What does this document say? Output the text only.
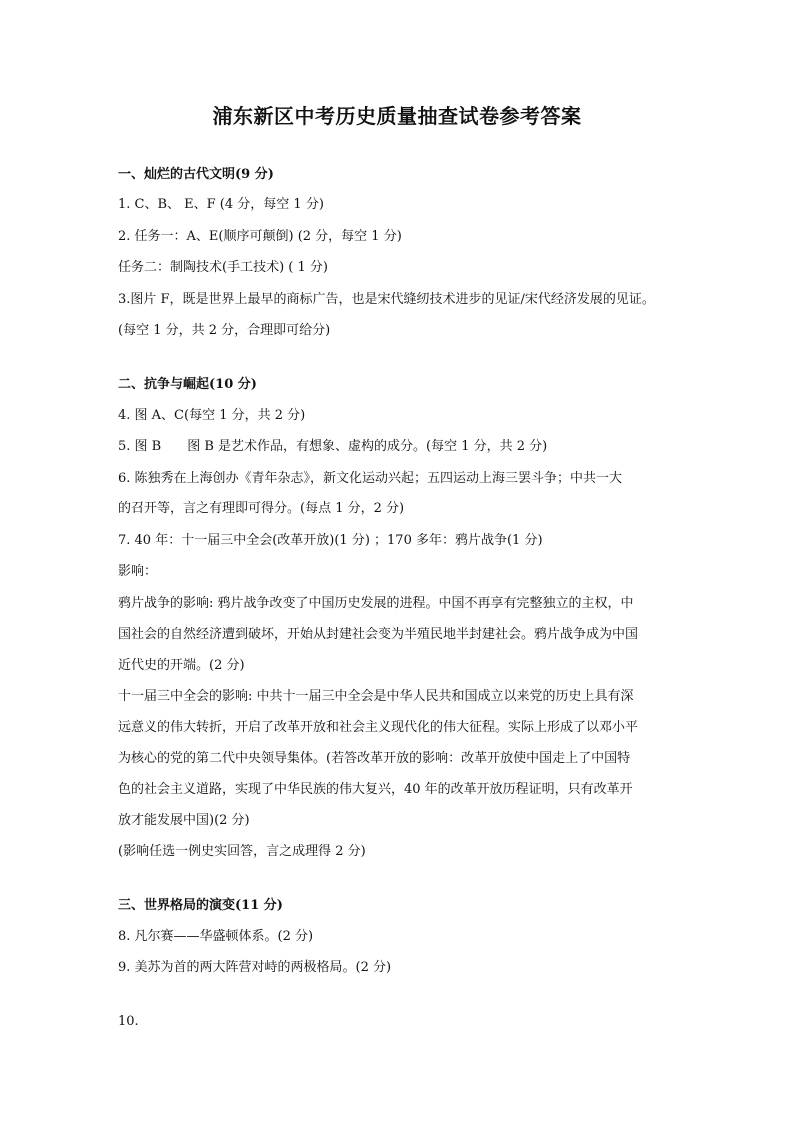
浦东新区中考历史质量抽查试卷参考答案
一、灿烂的古代文明(9 分)
1. C、B、 E、F (4 分，每空 1 分)
2. 任务一：A、E(顺序可颠倒) (2 分，每空 1 分)
任务二：制陶技术(手工技术) ( 1 分)
3.图片 F，既是世界上最早的商标广告，也是宋代缝纫技术进步的见证/宋代经济发展的见证。
(每空 1 分，共 2 分，合理即可给分)
二、抗争与崛起(10 分)
4. 图 A、C(每空 1 分，共 2 分)
5. 图 B　　图 B 是艺术作品，有想象、虚构的成分。(每空 1 分，共 2 分)
6. 陈独秀在上海创办《青年杂志》，新文化运动兴起；五四运动上海三罢斗争；中共一大
的召开等，言之有理即可得分。(每点 1 分，2 分)
7. 40 年：十一届三中全会(改革开放)(1 分) ；170 多年：鸦片战争(1 分)
影响：
鸦片战争的影响: 鸦片战争改变了中国历史发展的进程。中国不再享有完整独立的主权，中
国社会的自然经济遭到破坏，开始从封建社会变为半殖民地半封建社会。鸦片战争成为中国
近代史的开端。(2 分)
十一届三中全会的影响: 中共十一届三中全会是中华人民共和国成立以来党的历史上具有深
远意义的伟大转折，开启了改革开放和社会主义现代化的伟大征程。实际上形成了以邓小平
为核心的党的第二代中央领导集体。(若答改革开放的影响：改革开放使中国走上了中国特
色的社会主义道路，实现了中华民族的伟大复兴，40 年的改革开放历程证明，只有改革开
放才能发展中国)(2 分)
(影响任选一例史实回答，言之成理得 2 分)
三、世界格局的演变(11 分)
8. 凡尔赛——华盛顿体系。(2 分)
9. 美苏为首的两大阵营对峙的两极格局。(2 分)
10.
